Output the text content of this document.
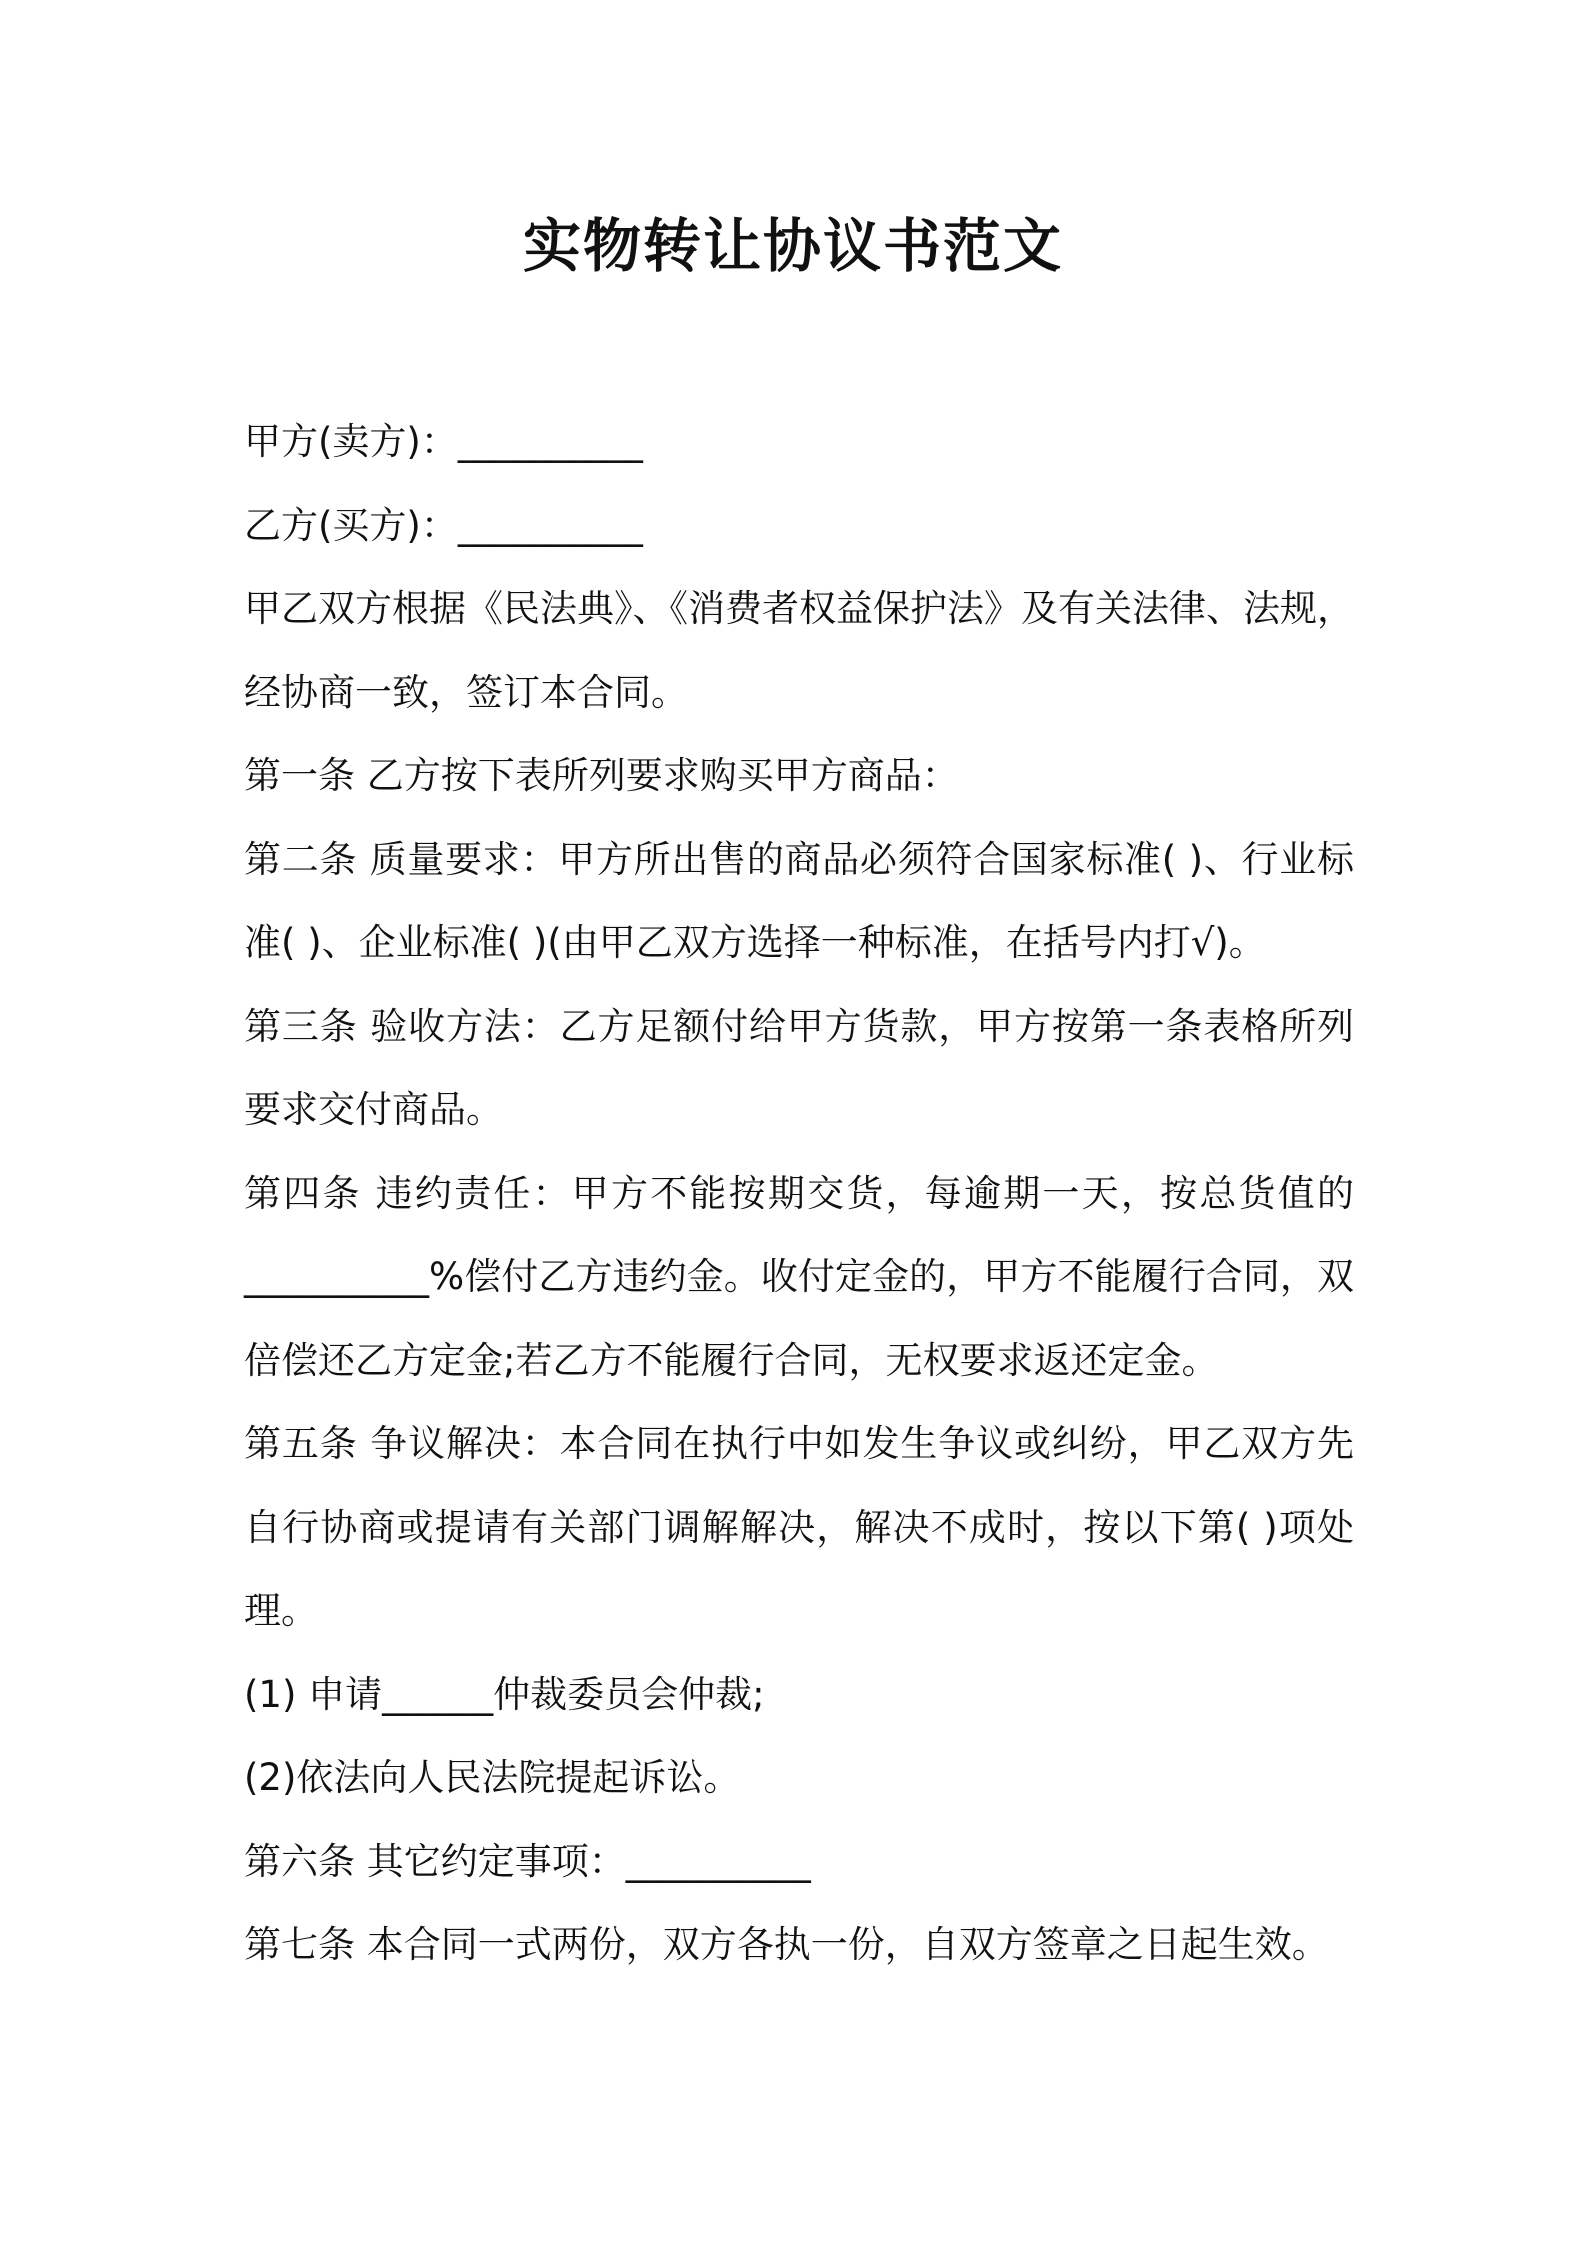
实物转让协议书范文

甲方(卖方)：__________

乙方(买方)：__________

甲乙双方根据《民法典》、《消费者权益保护法》及有关法律、法规，经协商一致，签订本合同。

第一条 乙方按下表所列要求购买甲方商品：

第二条 质量要求：甲方所出售的商品必须符合国家标准( )、行业标准( )、企业标准( )(由甲乙双方选择一种标准，在括号内打√)。

第三条 验收方法：乙方足额付给甲方货款，甲方按第一条表格所列要求交付商品。

第四条 违约责任：甲方不能按期交货，每逾期一天，按总货值的__________%偿付乙方违约金。收付定金的，甲方不能履行合同，双倍偿还乙方定金;若乙方不能履行合同，无权要求返还定金。

第五条 争议解决：本合同在执行中如发生争议或纠纷，甲乙双方先自行协商或提请有关部门调解解决，解决不成时，按以下第( )项处理。

(1) 申请______仲裁委员会仲裁;

(2)依法向人民法院提起诉讼。

第六条 其它约定事项：__________

第七条 本合同一式两份，双方各执一份，自双方签章之日起生效。
